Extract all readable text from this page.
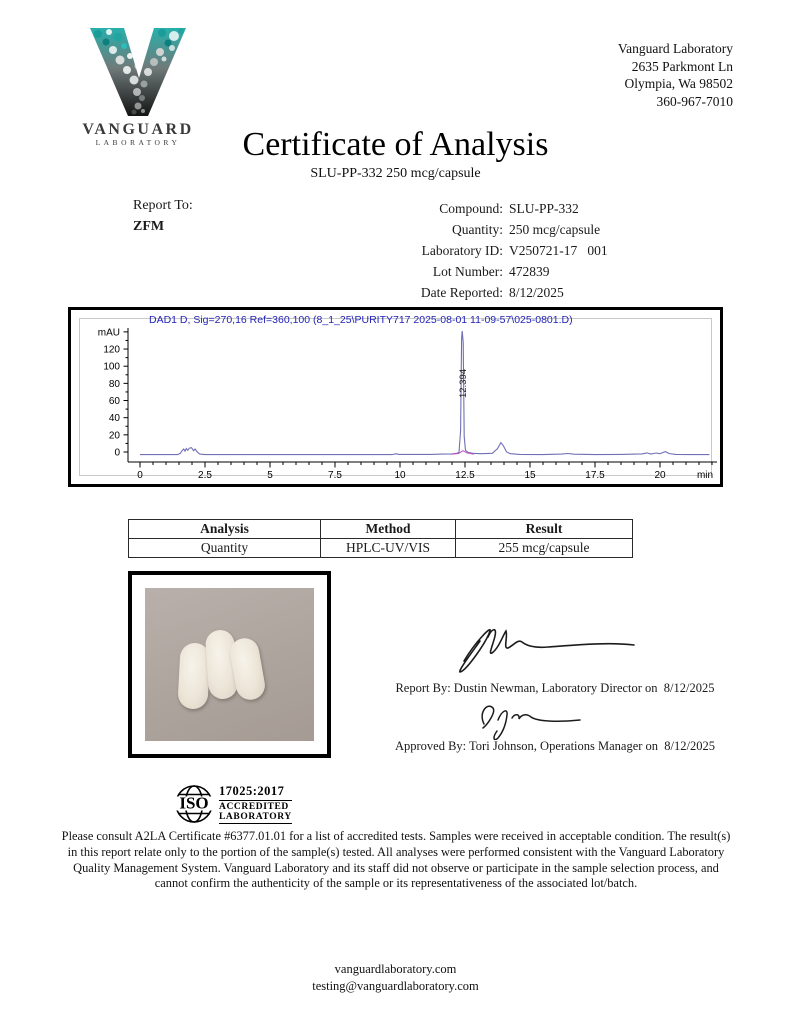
VANGUARD
LABORATORY
Vanguard Laboratory
2635 Parkmont Ln
Olympia, Wa 98502
360-967-7010
Certificate of Analysis
SLU-PP-332 250 mcg/capsule
Report To:
ZFM
Compound: SLU-PP-332
Quantity: 250 mcg/capsule
Laboratory ID: V250721-17   001
Lot Number: 472839
Date Reported: 8/12/2025
DAD1 D, Sig=270,16 Ref=360,100 (8_1_25\PURITY717 2025-08-01 11-09-57\025-0801.D)
0
20
40
60
80
100
120
mAU
0	2.5	5	7.5	10	12.5	15	17.5	20	min
12.394
Analysis	Method	Result
Quantity	HPLC-UV/VIS	255 mcg/capsule
Report By: Dustin Newman, Laboratory Director on  8/12/2025
Approved By: Tori Johnson, Operations Manager on  8/12/2025
ISO
17025:2017
ACCREDITED
LABORATORY
Please consult A2LA Certificate #6377.01.01 for a list of accredited tests. Samples were received in acceptable condition. The result(s) in this report relate only to the portion of the sample(s) tested. All analyses were performed consistent with the Vanguard Laboratory Quality Management System. Vanguard Laboratory and its staff did not observe or participate in the sample selection process, and cannot confirm the authenticity of the sample or its representativeness of the associated lot/batch.
vanguardlaboratory.com
testing@vanguardlaboratory.com
